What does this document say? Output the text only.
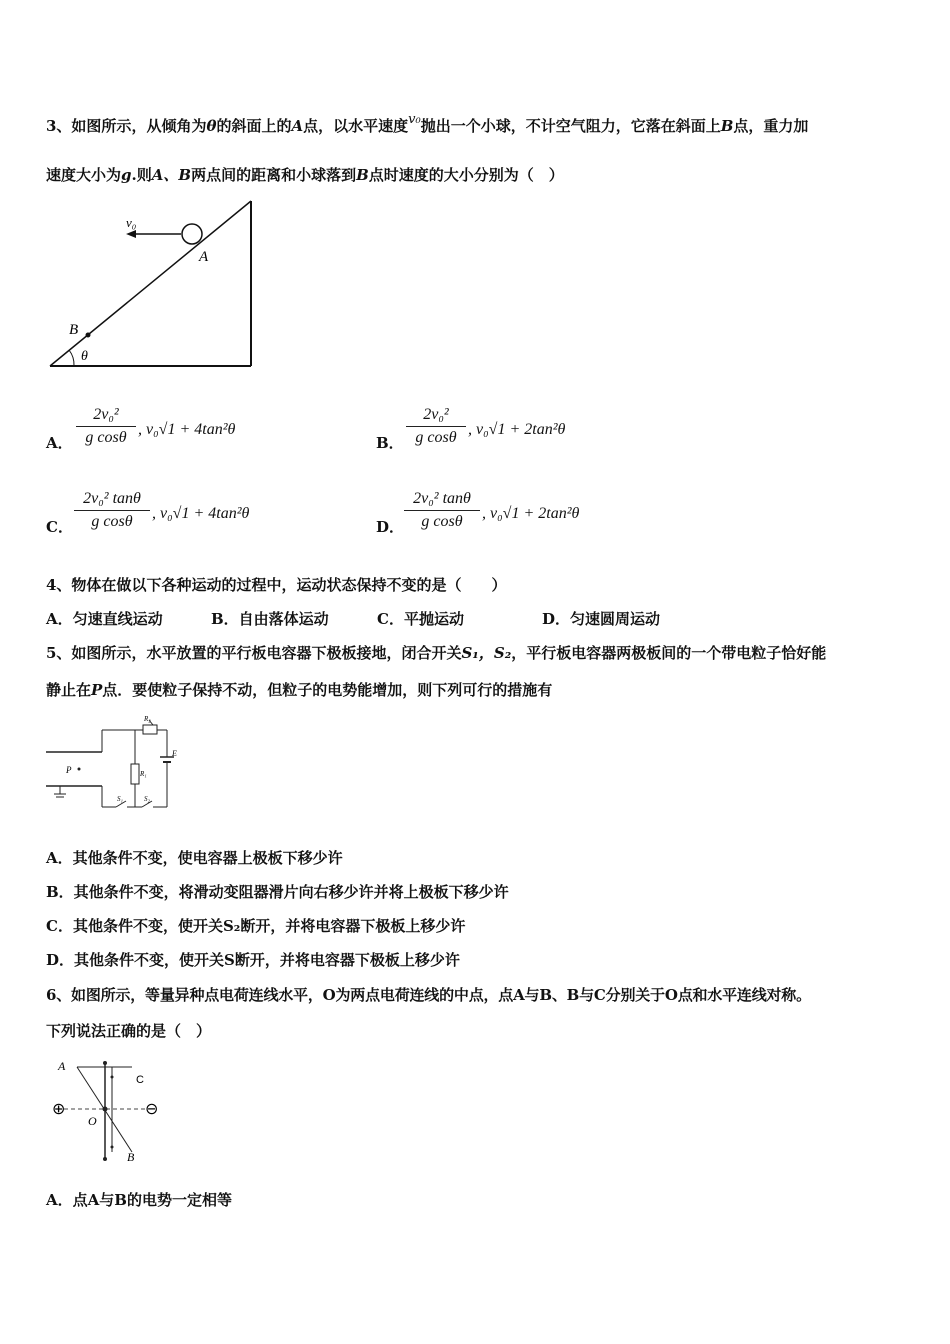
3、如图所示，从倾角为θ的斜面上的A点，以水平速度v₀抛出一个小球，不计空气阻力，它落在斜面上B点，重力加
速度大小为g.则A、B两点间的距离和小球落到B点时速度的大小分别为（　）
v₀
A
B
θ
A．
2v₀²
g cosθ , v₀√1 + 4tan²θ
B．
2v₀²
g cosθ , v₀√1 + 2tan²θ
C．
2v₀² tanθ
g cosθ	, v₀√1 + 4tan²θ
D．
2v₀² tanθ
g cosθ	, v₀√1 + 2tan²θ
4、物体在做以下各种运动的过程中，运动状态保持不变的是（　　）
A．匀速直线运动	B．自由落体运动	C．平抛运动	D．匀速圆周运动
5、如图所示，水平放置的平行板电容器下极板接地，闭合开关S₁，S₂，平行板电容器两极板间的一个带电粒子恰好能
静止在P点．要使粒子保持不动，但粒子的电势能增加，则下列可行的措施有
P
R₂
R₁
E
S₁	S₂
A．其他条件不变，使电容器上极板下移少许
B．其他条件不变，将滑动变阻器滑片向右移少许并将上极板下移少许
C．其他条件不变，使开关S₂断开，并将电容器下极板上移少许
D．其他条件不变，使开关S断开，并将电容器下极板上移少许
6、如图所示，等量异种点电荷连线水平，O为两点电荷连线的中点，点A与B、B与C分别关于O点和水平连线对称。
下列说法正确的是（　）
⊕	⊖
A
C
O
B
A．点A与B的电势一定相等
